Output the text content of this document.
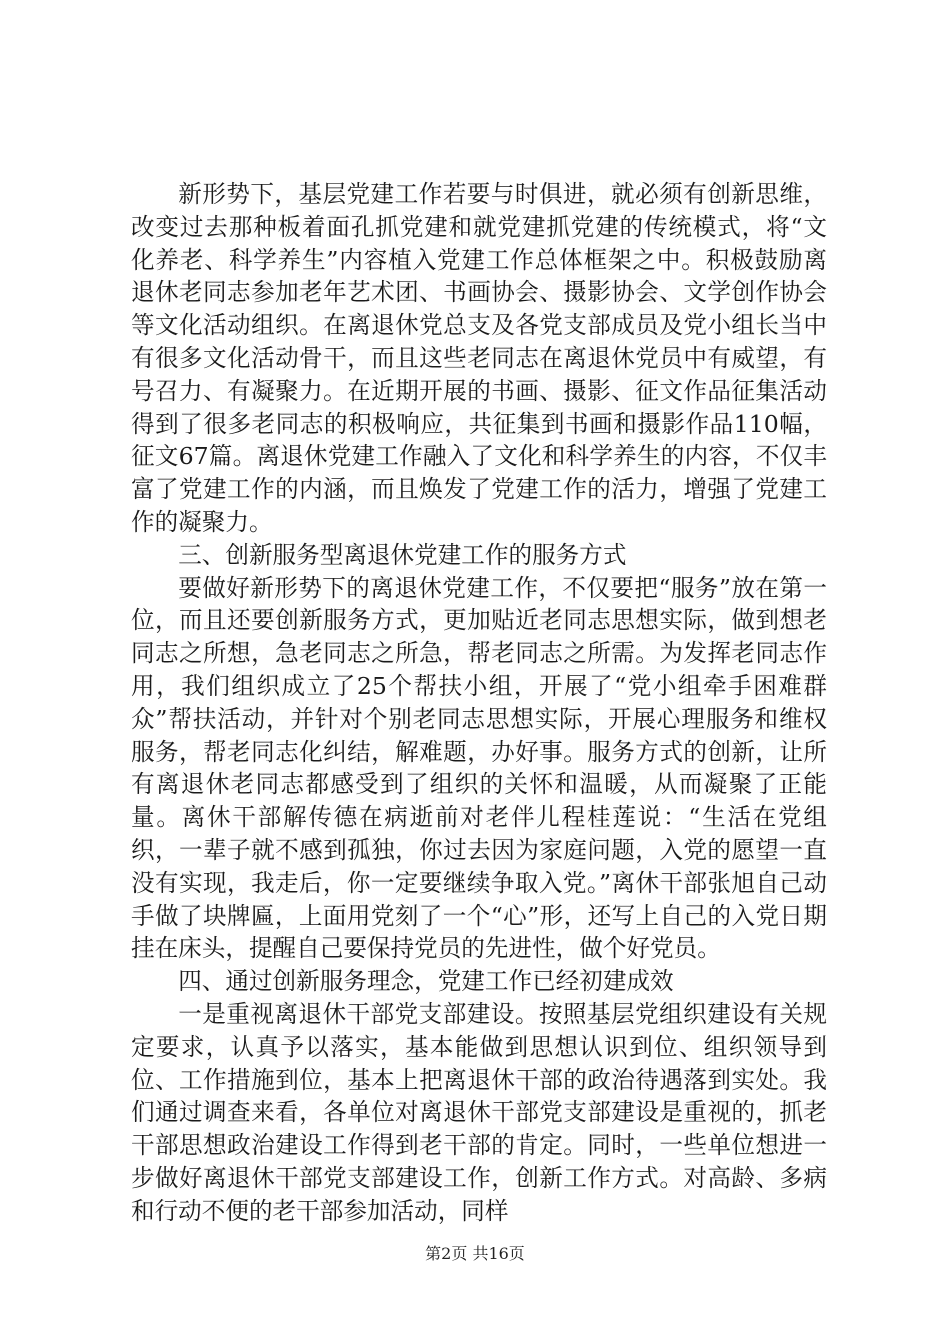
新形势下，基层党建工作若要与时俱进，就必须有创新思维，改变过去那种板着面孔抓党建和就党建抓党建的传统模式，将“文化养老、科学养生”内容植入党建工作总体框架之中。积极鼓励离退休老同志参加老年艺术团、书画协会、摄影协会、文学创作协会等文化活动组织。在离退休党总支及各党支部成员及党小组长当中有很多文化活动骨干，而且这些老同志在离退休党员中有威望，有号召力、有凝聚力。在近期开展的书画、摄影、征文作品征集活动得到了很多老同志的积极响应，共征集到书画和摄影作品110幅，征文67篇。离退休党建工作融入了文化和科学养生的内容，不仅丰富了党建工作的内涵，而且焕发了党建工作的活力，增强了党建工作的凝聚力。

三、创新服务型离退休党建工作的服务方式

要做好新形势下的离退休党建工作，不仅要把“服务”放在第一位，而且还要创新服务方式，更加贴近老同志思想实际，做到想老同志之所想，急老同志之所急，帮老同志之所需。为发挥老同志作用，我们组织成立了25个帮扶小组，开展了“党小组牵手困难群众”帮扶活动，并针对个别老同志思想实际，开展心理服务和维权服务，帮老同志化纠结，解难题，办好事。服务方式的创新，让所有离退休老同志都感受到了组织的关怀和温暖，从而凝聚了正能量。离休干部解传德在病逝前对老伴儿程桂莲说：“生活在党组织，一辈子就不感到孤独，你过去因为家庭问题，入党的愿望一直没有实现，我走后，你一定要继续争取入党。”离休干部张旭自己动手做了块牌匾，上面用党刻了一个“心”形，还写上自己的入党日期挂在床头，提醒自己要保持党员的先进性，做个好党员。

四、通过创新服务理念，党建工作已经初建成效

一是重视离退休干部党支部建设。按照基层党组织建设有关规定要求，认真予以落实，基本能做到思想认识到位、组织领导到位、工作措施到位，基本上把离退休干部的政治待遇落到实处。我们通过调查来看，各单位对离退休干部党支部建设是重视的，抓老干部思想政治建设工作得到老干部的肯定。同时，一些单位想进一步做好离退休干部党支部建设工作，创新工作方式。对高龄、多病和行动不便的老干部参加活动，同样

第2页 共16页
